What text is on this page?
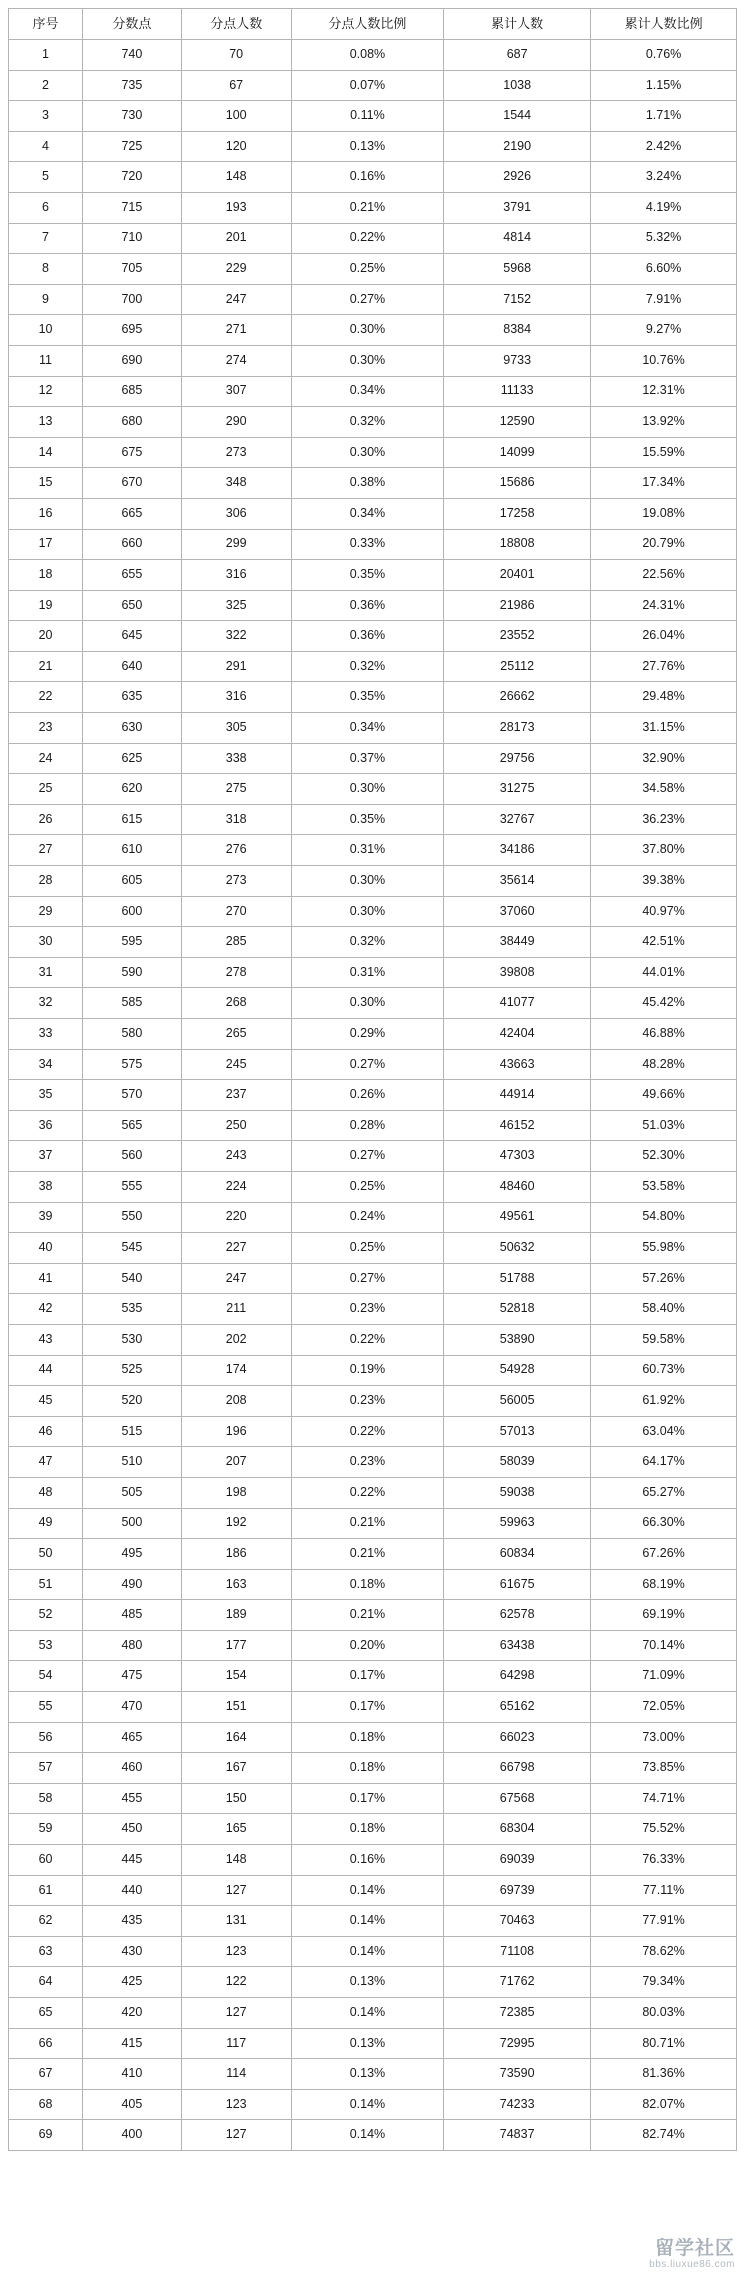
序号	分数点	分点人数	分点人数比例	累计人数	累计人数比例
1	740	70	0.08%	687	0.76%
2	735	67	0.07%	1038	1.15%
3	730	100	0.11%	1544	1.71%
4	725	120	0.13%	2190	2.42%
5	720	148	0.16%	2926	3.24%
6	715	193	0.21%	3791	4.19%
7	710	201	0.22%	4814	5.32%
8	705	229	0.25%	5968	6.60%
9	700	247	0.27%	7152	7.91%
10	695	271	0.30%	8384	9.27%
11	690	274	0.30%	9733	10.76%
12	685	307	0.34%	11133	12.31%
13	680	290	0.32%	12590	13.92%
14	675	273	0.30%	14099	15.59%
15	670	348	0.38%	15686	17.34%
16	665	306	0.34%	17258	19.08%
17	660	299	0.33%	18808	20.79%
18	655	316	0.35%	20401	22.56%
19	650	325	0.36%	21986	24.31%
20	645	322	0.36%	23552	26.04%
21	640	291	0.32%	25112	27.76%
22	635	316	0.35%	26662	29.48%
23	630	305	0.34%	28173	31.15%
24	625	338	0.37%	29756	32.90%
25	620	275	0.30%	31275	34.58%
26	615	318	0.35%	32767	36.23%
27	610	276	0.31%	34186	37.80%
28	605	273	0.30%	35614	39.38%
29	600	270	0.30%	37060	40.97%
30	595	285	0.32%	38449	42.51%
31	590	278	0.31%	39808	44.01%
32	585	268	0.30%	41077	45.42%
33	580	265	0.29%	42404	46.88%
34	575	245	0.27%	43663	48.28%
35	570	237	0.26%	44914	49.66%
36	565	250	0.28%	46152	51.03%
37	560	243	0.27%	47303	52.30%
38	555	224	0.25%	48460	53.58%
39	550	220	0.24%	49561	54.80%
40	545	227	0.25%	50632	55.98%
41	540	247	0.27%	51788	57.26%
42	535	211	0.23%	52818	58.40%
43	530	202	0.22%	53890	59.58%
44	525	174	0.19%	54928	60.73%
45	520	208	0.23%	56005	61.92%
46	515	196	0.22%	57013	63.04%
47	510	207	0.23%	58039	64.17%
48	505	198	0.22%	59038	65.27%
49	500	192	0.21%	59963	66.30%
50	495	186	0.21%	60834	67.26%
51	490	163	0.18%	61675	68.19%
52	485	189	0.21%	62578	69.19%
53	480	177	0.20%	63438	70.14%
54	475	154	0.17%	64298	71.09%
55	470	151	0.17%	65162	72.05%
56	465	164	0.18%	66023	73.00%
57	460	167	0.18%	66798	73.85%
58	455	150	0.17%	67568	74.71%
59	450	165	0.18%	68304	75.52%
60	445	148	0.16%	69039	76.33%
61	440	127	0.14%	69739	77.11%
62	435	131	0.14%	70463	77.91%
63	430	123	0.14%	71108	78.62%
64	425	122	0.13%	71762	79.34%
65	420	127	0.14%	72385	80.03%
66	415	117	0.13%	72995	80.71%
67	410	114	0.13%	73590	81.36%
68	405	123	0.14%	74233	82.07%
69	400	127	0.14%	74837	82.74%
留学社区
bbs.liuxue86.com
